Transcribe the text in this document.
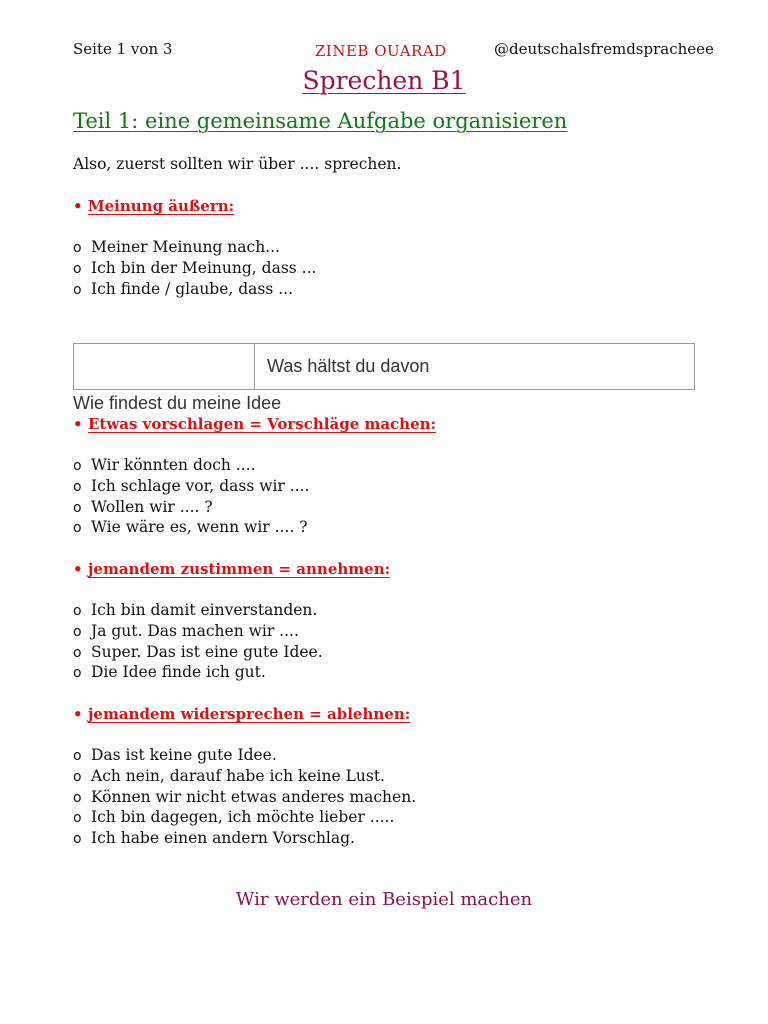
Seite 1 von 3	ZINEB OUARAD	@deutschalsfremdspracheee
Sprechen B1
Teil 1: eine gemeinsame Aufgabe organisieren
Also, zuerst sollten wir über .... sprechen.
• Meinung äußern:
o Meiner Meinung nach...
o Ich bin der Meinung, dass ...
o Ich finde / glaube, dass ...
	Was hältst du davon
Wie findest du meine Idee
• Etwas vorschlagen = Vorschläge machen:
o Wir könnten doch ....
o Ich schlage vor, dass wir ....
o Wollen wir .... ?
o Wie wäre es, wenn wir .... ?
• jemandem zustimmen = annehmen:
o Ich bin damit einverstanden.
o Ja gut. Das machen wir ....
o Super. Das ist eine gute Idee.
o Die Idee finde ich gut.
• jemandem widersprechen = ablehnen:
o Das ist keine gute Idee.
o Ach nein, darauf habe ich keine Lust.
o Können wir nicht etwas anderes machen.
o Ich bin dagegen, ich möchte lieber .....
o Ich habe einen andern Vorschlag.
Wir werden ein Beispiel machen
